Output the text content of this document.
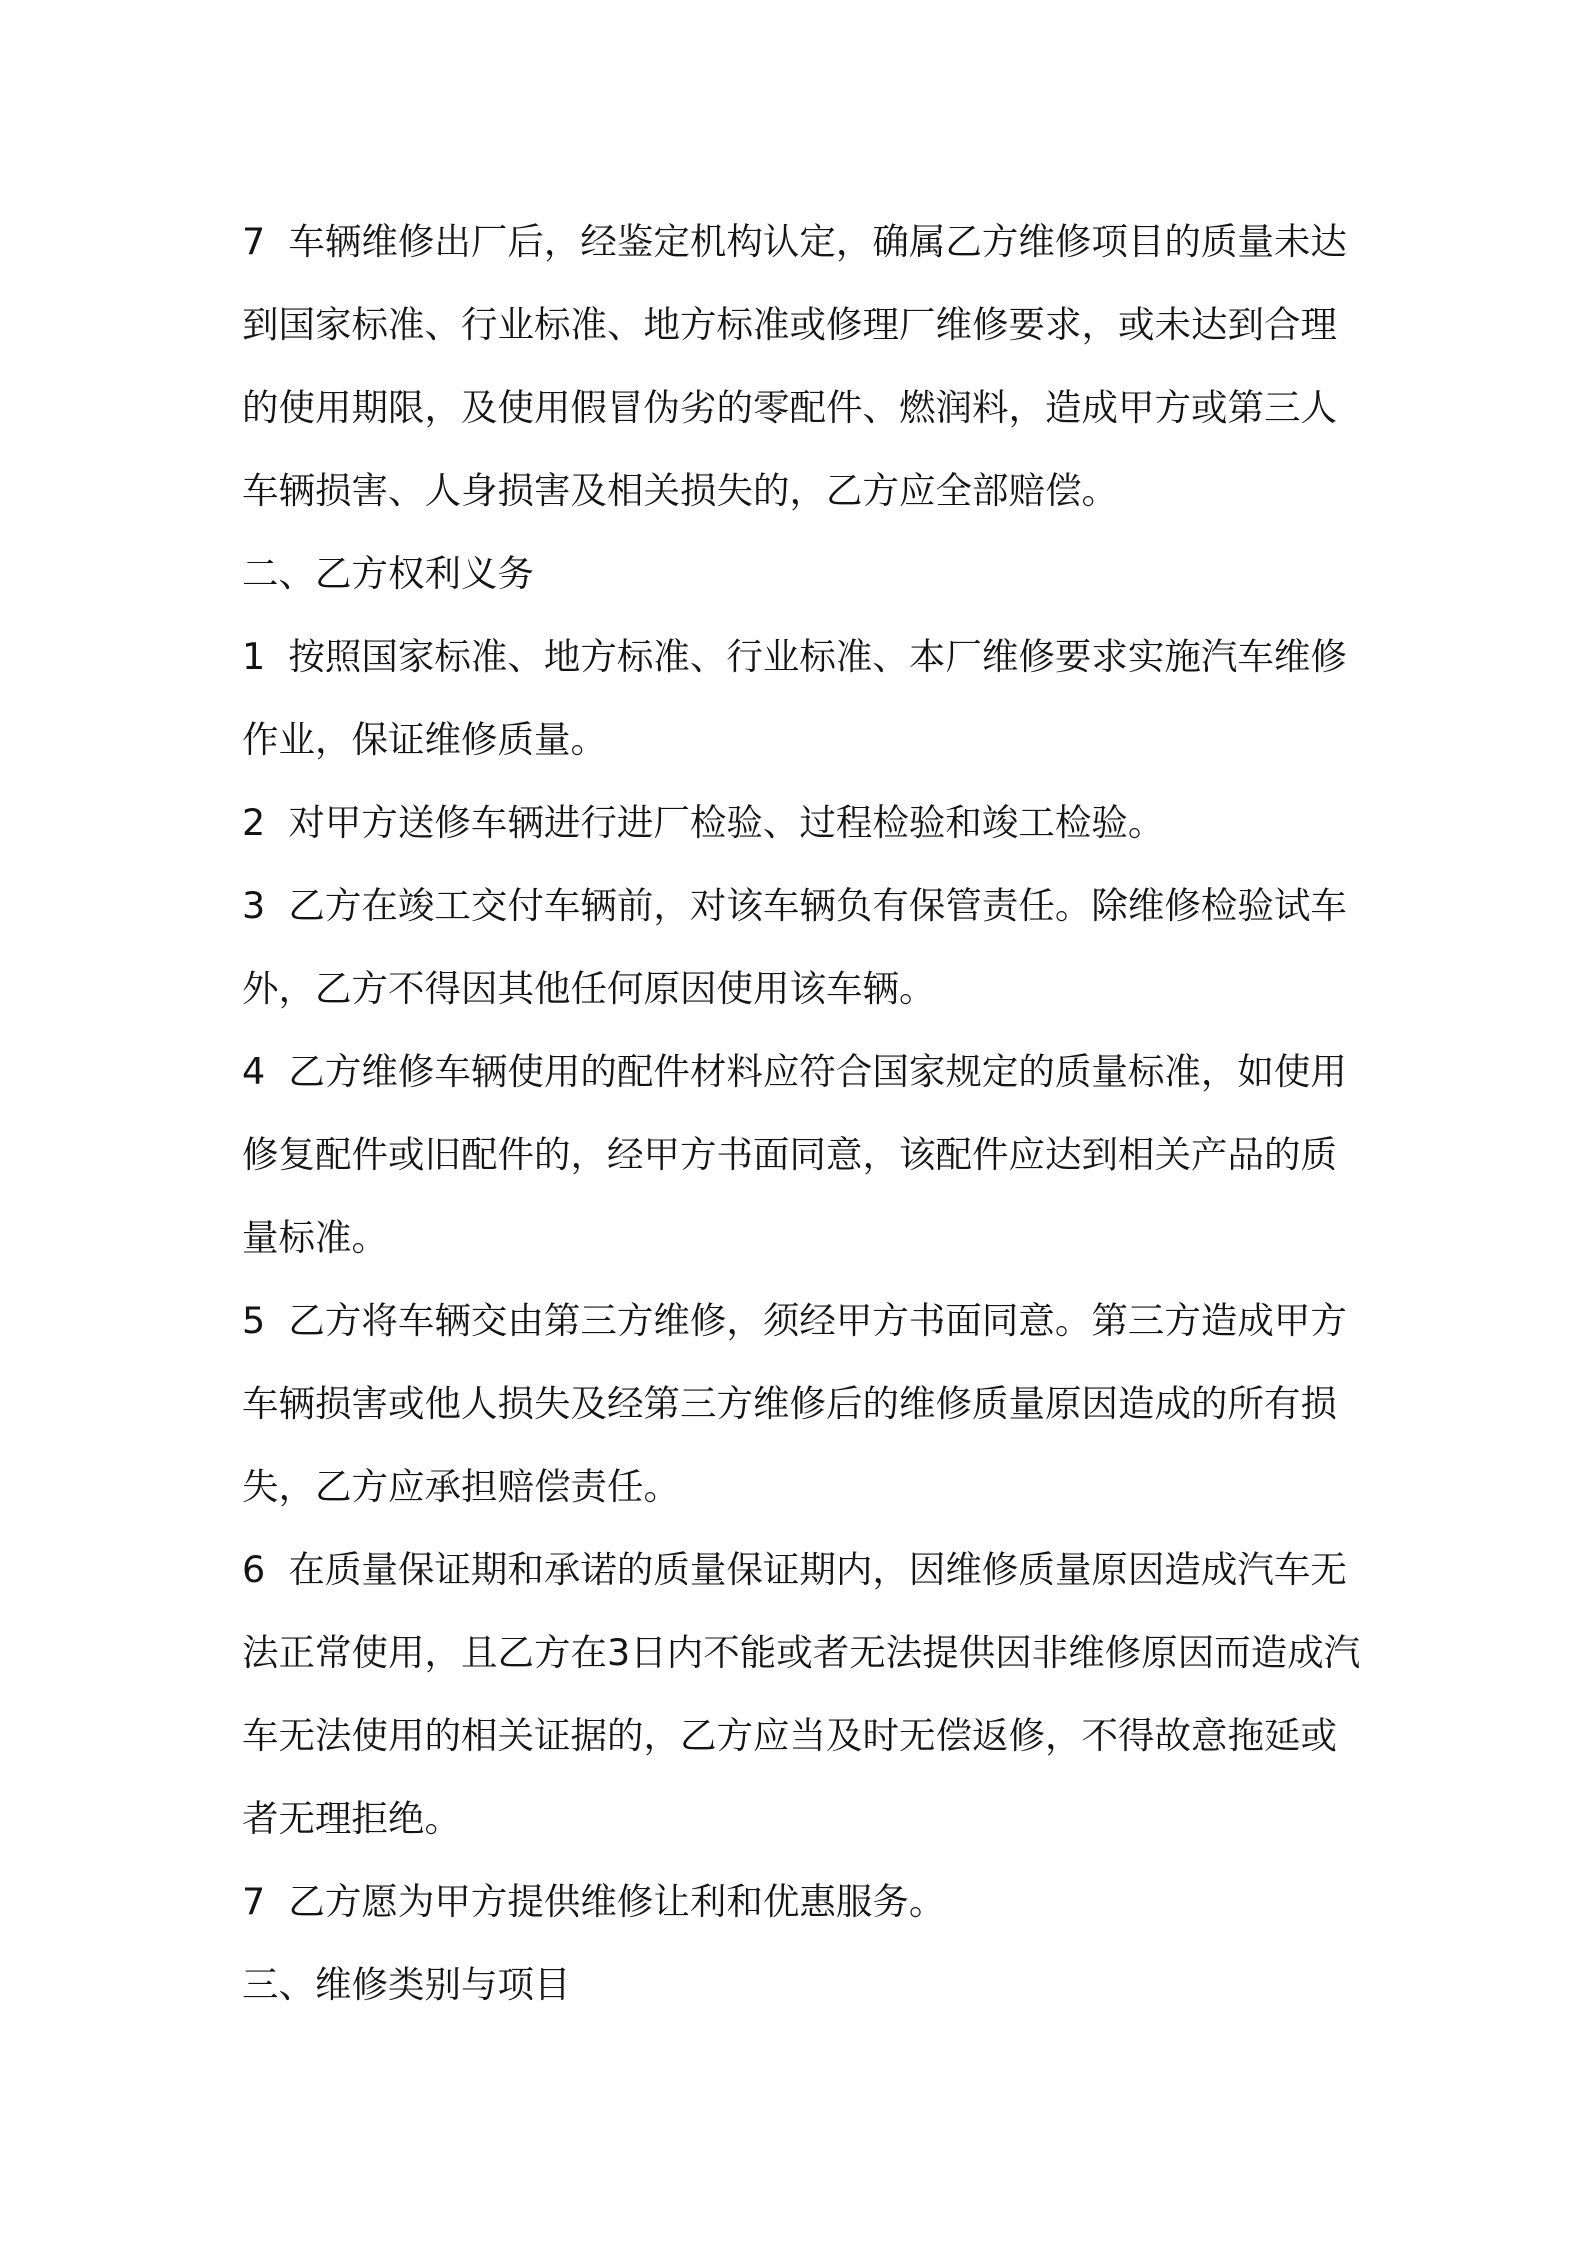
7  车辆维修出厂后，经鉴定机构认定，确属乙方维修项目的质量未达到国家标准、行业标准、地方标准或修理厂维修要求，或未达到合理的使用期限，及使用假冒伪劣的零配件、燃润料，造成甲方或第三人车辆损害、人身损害及相关损失的，乙方应全部赔偿。

二、乙方权利义务

1  按照国家标准、地方标准、行业标准、本厂维修要求实施汽车维修作业，保证维修质量。

2  对甲方送修车辆进行进厂检验、过程检验和竣工检验。

3  乙方在竣工交付车辆前，对该车辆负有保管责任。除维修检验试车外，乙方不得因其他任何原因使用该车辆。

4  乙方维修车辆使用的配件材料应符合国家规定的质量标准，如使用修复配件或旧配件的，经甲方书面同意，该配件应达到相关产品的质量标准。

5  乙方将车辆交由第三方维修，须经甲方书面同意。第三方造成甲方车辆损害或他人损失及经第三方维修后的维修质量原因造成的所有损失，乙方应承担赔偿责任。

6  在质量保证期和承诺的质量保证期内，因维修质量原因造成汽车无法正常使用，且乙方在3日内不能或者无法提供因非维修原因而造成汽车无法使用的相关证据的，乙方应当及时无偿返修，不得故意拖延或者无理拒绝。

7  乙方愿为甲方提供维修让利和优惠服务。

三、维修类别与项目
